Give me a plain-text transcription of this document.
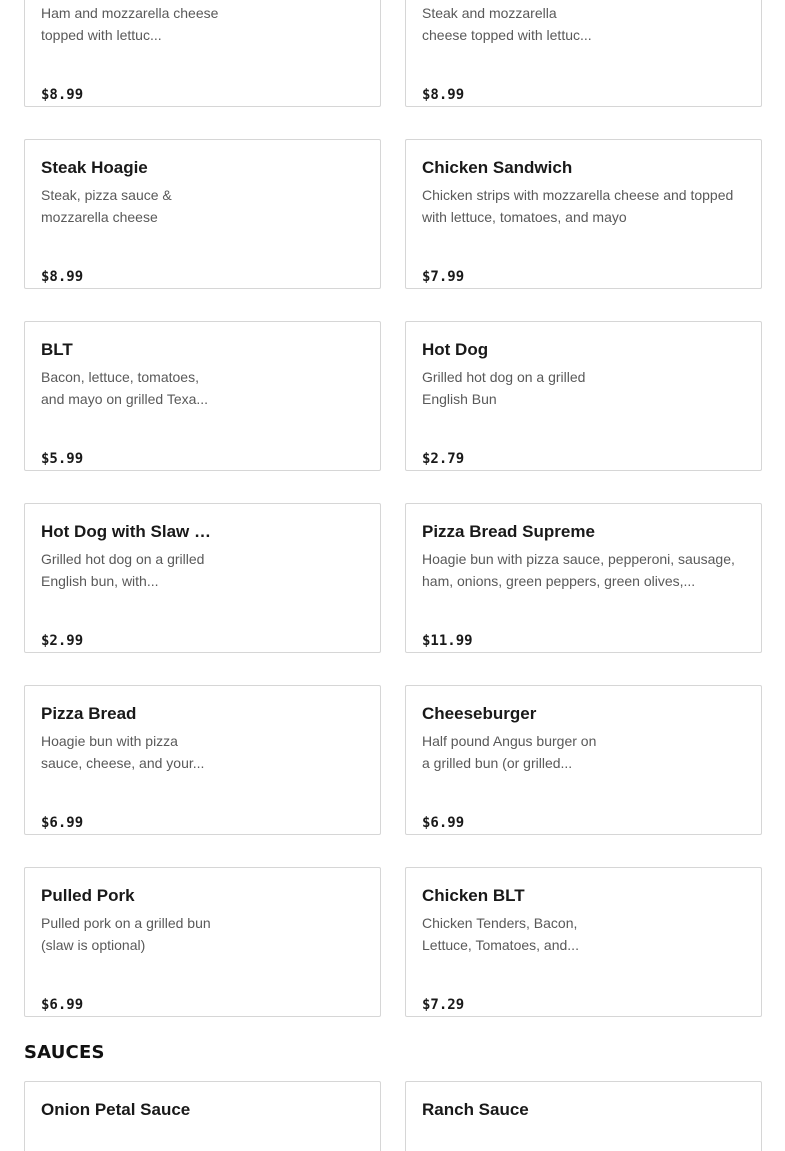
Ham and mozzarella cheese topped with lettuc...
$8.99
Steak and mozzarella cheese topped with lettuc...
$8.99
Steak Hoagie
Steak, pizza sauce & mozzarella cheese
$8.99
Chicken Sandwich
Chicken strips with mozzarella cheese and topped with lettuce, tomatoes, and mayo
$7.99
BLT
Bacon, lettuce, tomatoes, and mayo on grilled Texa...
$5.99
Hot Dog
Grilled hot dog on a grilled English Bun
$2.79
Hot Dog with Slaw &...
Grilled hot dog on a grilled English bun, with...
$2.99
Pizza Bread Supreme
Hoagie bun with pizza sauce, pepperoni, sausage, ham, onions, green peppers, green olives,...
$11.99
Pizza Bread
Hoagie bun with pizza sauce, cheese, and your...
$6.99
Cheeseburger
Half pound Angus burger on a grilled bun (or grilled...
$6.99
Pulled Pork
Pulled pork on a grilled bun (slaw is optional)
$6.99
Chicken BLT
Chicken Tenders, Bacon, Lettuce, Tomatoes, and...
$7.29
SAUCES
Onion Petal Sauce	Ranch Sauce
